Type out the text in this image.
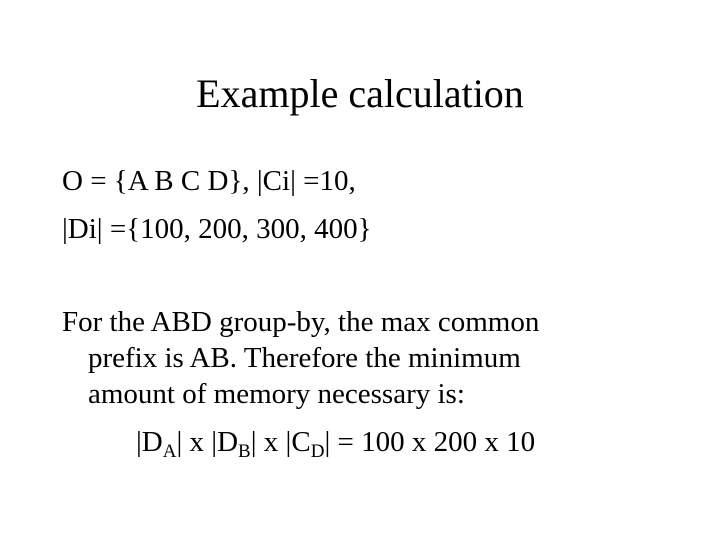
Example calculation
O = {A B C D}, |Ci| =10,
|Di| ={100, 200, 300, 400}
For the ABD group-by, the max common
prefix is AB. Therefore the minimum
amount of memory necessary is:
$|D_A|$ x $|D_B|$ x $|C_D| = 100$ x 200 x 10
